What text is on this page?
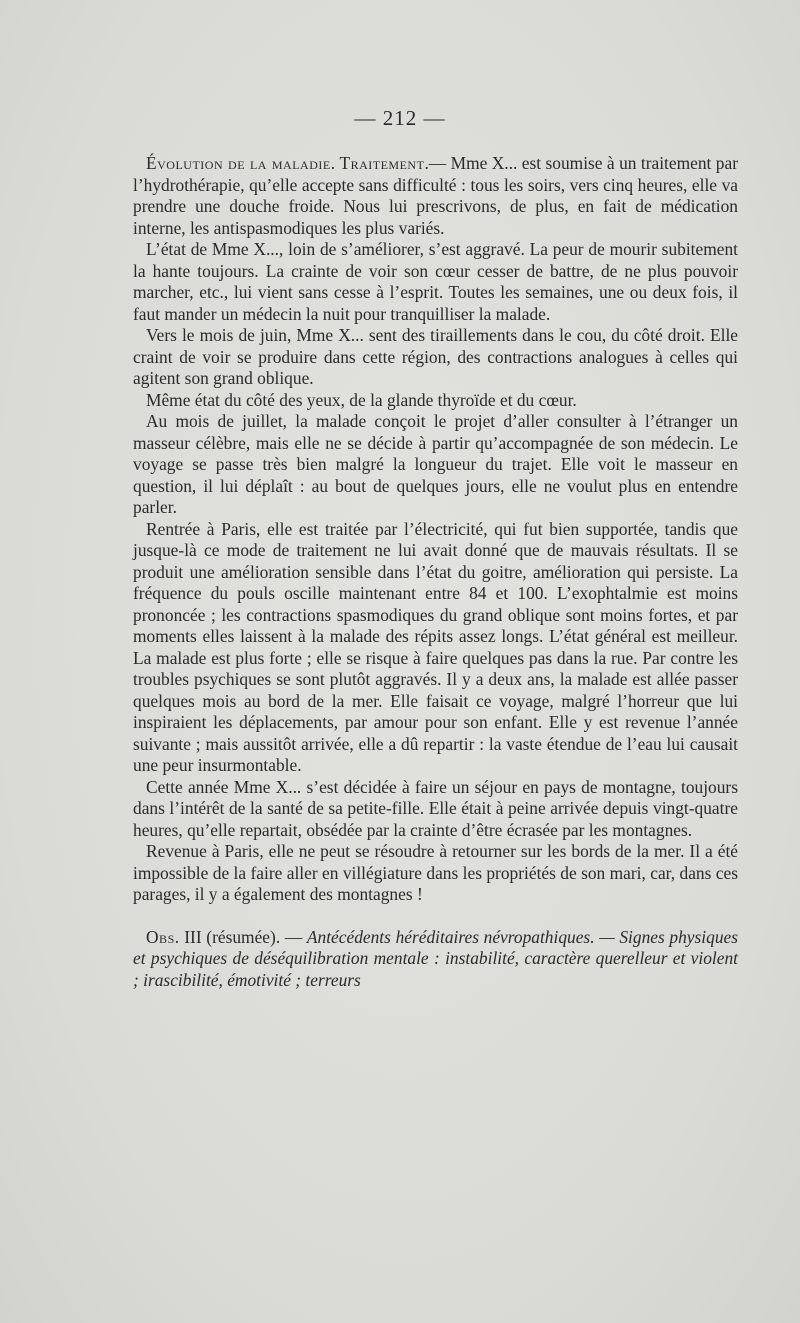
— 212 —

Évolution de la maladie. Traitement.— Mme X... est soumise à un traitement par l’hydrothérapie, qu’elle accepte sans difficulté : tous les soirs, vers cinq heures, elle va prendre une douche froide. Nous lui prescrivons, de plus, en fait de médication interne, les antispasmodiques les plus variés.

L’état de Mme X..., loin de s’améliorer, s’est aggravé. La peur de mourir subitement la hante toujours. La crainte de voir son cœur cesser de battre, de ne plus pouvoir marcher, etc., lui vient sans cesse à l’esprit. Toutes les semaines, une ou deux fois, il faut mander un médecin la nuit pour tranquilliser la malade.

Vers le mois de juin, Mme X... sent des tiraillements dans le cou, du côté droit. Elle craint de voir se produire dans cette région, des contractions analogues à celles qui agitent son grand oblique.

Même état du côté des yeux, de la glande thyroïde et du cœur.

Au mois de juillet, la malade conçoit le projet d’aller consulter à l’étranger un masseur célèbre, mais elle ne se décide à partir qu’accompagnée de son médecin. Le voyage se passe très bien malgré la longueur du trajet. Elle voit le masseur en question, il lui déplaît : au bout de quelques jours, elle ne voulut plus en entendre parler.

Rentrée à Paris, elle est traitée par l’électricité, qui fut bien supportée, tandis que jusque-là ce mode de traitement ne lui avait donné que de mauvais résultats. Il se produit une amélioration sensible dans l’état du goitre, amélioration qui persiste. La fréquence du pouls oscille maintenant entre 84 et 100. L’exophtalmie est moins prononcée ; les contractions spasmodiques du grand oblique sont moins fortes, et par moments elles laissent à la malade des répits assez longs. L’état général est meilleur. La malade est plus forte ; elle se risque à faire quelques pas dans la rue. Par contre les troubles psychiques se sont plutôt aggravés. Il y a deux ans, la malade est allée passer quelques mois au bord de la mer. Elle faisait ce voyage, malgré l’horreur que lui inspiraient les déplacements, par amour pour son enfant. Elle y est revenue l’année suivante ; mais aussitôt arrivée, elle a dû repartir : la vaste étendue de l’eau lui causait une peur insurmontable.

Cette année Mme X... s’est décidée à faire un séjour en pays de montagne, toujours dans l’intérêt de la santé de sa petite-fille. Elle était à peine arrivée depuis vingt-quatre heures, qu’elle repartait, obsédée par la crainte d’être écrasée par les montagnes.

Revenue à Paris, elle ne peut se résoudre à retourner sur les bords de la mer. Il a été impossible de la faire aller en villégiature dans les propriétés de son mari, car, dans ces parages, il y a également des montagnes !

Obs. III (résumée). — Antécédents héréditaires névropathiques. — Signes physiques et psychiques de déséquilibration mentale : instabilité, caractère querelleur et violent ; irascibilité, émotivité ; terreurs
